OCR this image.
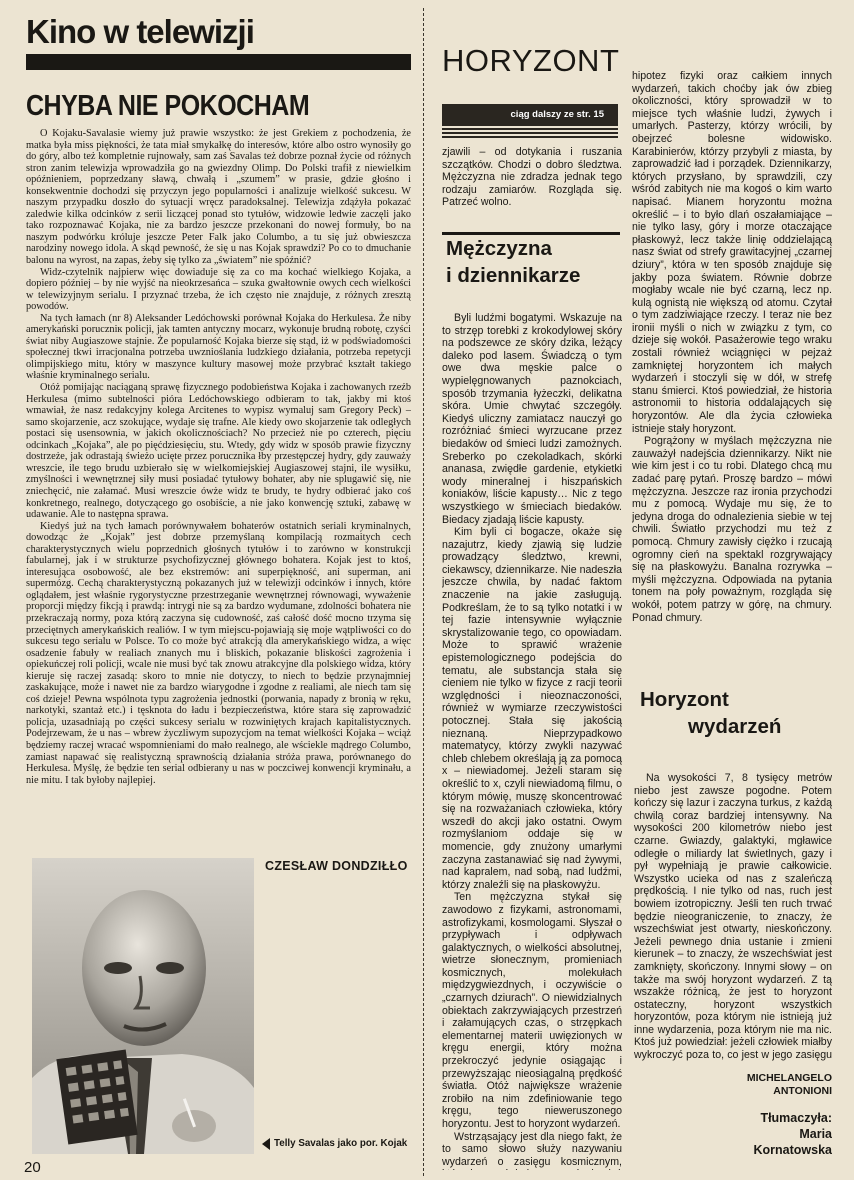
Kino w telewizji
CHYBA NIE POKOCHAM

O Kojaku-Savalasie wiemy już prawie wszystko: że jest Grekiem z pochodzenia, że matka była miss piękności, że tata miał smykałkę do interesów, które albo ostro wynosiły go do góry, albo też kompletnie rujnowały, sam zaś Savalas też dobrze poznał życie od różnych stron zanim telewizja wprowadziła go na gwiezdny Olimp. Do Polski trafił z niewielkim opóźnieniem, poprzedzany sławą, chwałą i „szumem” w prasie, gdzie głośno i konsekwentnie dochodzi się przyczyn jego popularności i analizuje wielkość sukcesu. W naszym przypadku doszło do sytuacji wręcz paradoksalnej. Telewizja zdążyła pokazać zaledwie kilka odcinków z serii liczącej ponad sto tytułów, widzowie ledwie zaczęli jako tako rozpoznawać Kojaka, nie za bardzo jeszcze przekonani do nowej formuły, bo na naszym podwórku króluje jeszcze Peter Falk jako Columbo, a tu się już obwieszcza narodziny nowego idola. A skąd pewność, że się u nas Kojak sprawdzi? Po co to dmuchanie balonu na wyrost, na zapas, żeby się tylko za „światem” nie spóźnić?

Widz-czytelnik najpierw więc dowiaduje się za co ma kochać wielkiego Kojaka, a dopiero później – by nie wyjść na nieokrzesańca – szuka gwałtownie owych cech wielkości w telewizyjnym serialu. I przyznać trzeba, że ich często nie znajduje, z różnych zresztą powodów.

Na tych łamach (nr 8) Aleksander Ledóchowski porównał Kojaka do Herkulesa. Że niby amerykański poruczniк policji, jak tamten antyczny mocarz, wykonuje brudną robotę, czyści świat niby Augiaszowe stajnie. Że popularność Kojaka bierze się stąd, iż w podświadomości społecznej tkwi irracjonalna potrzeba uwznioślania ludzkiego działania, potrzeba repetycji olimpijskiego mitu, który w maszynce kultury masowej może przybrać kształt takiego właśnie kryminalnego serialu.

Otóż pomijając naciąganą sprawę fizycznego podobieństwa Kojaka i zachowanych rzeźb Herkulesa (mimo subtelności pióra Ledóchowskiego odbieram to tak, jakby mi ktoś wmawiał, że nasz redakcyjny kolega Arcitenes to wypisz wymaluj sam Gregory Peck) – samo skojarzenie, acz szokujące, wydaje się trafne. Ale kiedy owo skojarzenie tak odległych postaci się usensownia, w jakich okolicznościach? No przecież nie po czterech, pięciu odcinkach „Kojaka”, ale po pięćdziesięciu, stu. Wtedy, gdy widz w sposób prawie fizyczny dostrzeże, jak odrastają świeżo ucięte przez porucznika łby przestępczej hydry, gdy zauważy wreszcie, ile tego brudu uzbierało się w wielkomiejskiej Augiaszowej stajni, ile wysiłku, zmyślności i wewnętrznej siły musi posiadać tytułowy bohater, aby nie splugawić się, nie zniechęcić, nie załamać. Musi wreszcie ówże widz te brudy, te hydry odbierać jako coś konkretnego, realnego, dotyczącego go osobiście, a nie jako konwencję sztuki, zabawę w udawanie. Ale to następna sprawa.

Kiedyś już na tych łamach porównywałem bohaterów ostatnich seriali kryminalnych, dowodząc że „Kojak” jest dobrze przemyślaną kompilacją rozmaitych cech charakterystycznych wielu poprzednich głośnych tytułów i to zarówno w konstrukcji fabularnej, jak i w strukturze psychofizycznej głównego bohatera. Kojak jest to ktoś, interesująca osobowość, ale bez ekstremów: ani superpiękność, ani superman, ani supermózg. Cechą charakterystyczną pokazanych już w telewizji odcinków i innych, które oglądałem, jest właśnie rygorystyczne przestrzeganie wewnętrznej równowagi, wyważenie proporcji między fikcją i prawdą: intrygi nie są za bardzo wydumane, zdolności bohatera nie przekraczają normy, poza którą zaczyna się cudowność, zaś całość dość mocno trzyma się przeciętnych amerykańskich realiów. I w tym miejscu-pojawiają się moje wątpliwości co do sukcesu tego serialu w Polsce. To co może być atrakcją dla amerykańskiego widza, a więc osadzenie fabuły w realiach znanych mu i bliskich, pokazanie bliskości zagrożenia i opiekuńczej roli policji, wcale nie musi być tak znowu atrakcyjne dla polskiego widza, który kieruje się raczej zasadą: skoro to mnie nie dotyczy, to niech to będzie przynajmniej zaskakujące, może i nawet nie za bardzo wiarygodne i zgodne z realiami, ale niech tam się coś dzieje! Pewna wspólnota typu zagrożenia jednostki (porwania, napady z bronią w ręku, narkotyki, szantaż etc.) i tęsknota do ładu i bezpieczeństwa, które stara się zaprowadzić policja, uzasadniają po części sukcesy serialu w rozwiniętych krajach kapitalistycznych. Podejrzewam, że u nas – wbrew życzliwym supozycjom na temat wielkości Kojaka – wciąż będziemy raczej wracać wspomnieniami do mało realnego, ale wściekle mądrego Columbo, zamiast napawać się realistyczną sprawnością działania stróża prawa, porównanego do Herkulesa. Myślę, że będzie ten serial odbierany u nas w poczciwej konwencji kryminału, a nie mitu. I tak byłoby najlepiej.

CZESŁAW DONDZIŁŁO
Telly Savalas jako por. Kojak
20
HORYZONT
ciąg dalszy ze str. 15

zjawili – od dotykania i ruszania szczątków. Chodzi o dobro śledztwa. Mężczyzna nie zdradza jednak tego rodzaju zamiarów. Rozgląda się. Patrzeć wolno.

Mężczyzna
i dziennikarze

Byli ludźmi bogatymi. Wskazuje na to strzęp torebki z krokodylowej skóry na podszewce ze skóry dzika, leżący daleko pod lasem. Świadczą o tym owe dwa męskie palce o wypielęgnowanych paznokciach, sposób trzymania łyżeczki, delikatna skóra. Umie chwytać szczegóły. Kiedyś uliczny zamiatacz nauczył go rozróżniać śmieci wyrzucane przez biedaków od śmieci ludzi zamożnych. Sreberko po czekoladkach, skórki ananasa, zwiędłe gardenie, etykietki wody mineralnej i hiszpańskich koniaków, liście kapusty… Nic z tego wszystkiego w śmieciach biedaków. Biedacy zjadają liście kapusty.

Kim byli ci bogacze, okaże się nazajutrz, kiedy zjawią się ludzie prowadzący śledztwo, krewni, ciekawscy, dziennikarze. Nie nadeszła jeszcze chwila, by nadać faktom znaczenie na jakie zasługują. Podkreślam, że to są tylko notatki i w tej fazie intensywnie wyłącznie skrystalizowanie tego, co opowiadam. Może to sprawić wrażenie epistemologicznego podejścia do tematu, ale substancja stała się cieniem nie tylko w fizyce z racji teorii względności i nieoznaczoności, również w wymiarze rzeczywistości potocznej. Stała się jakością nieznaną. Nieprzypadkowo matematycy, którzy zwykli nazywać chleb chlebem określają ją za pomocą x – niewiadomej. Jeżeli staram się określić to x, czyli niewiadomą filmu, o którym mówię, muszę skoncentrować się na rozważaniach człowieka, który wszedł do akcji jako ostatni. Owym rozmyślaniom oddaje się w momencie, gdy znużony umarłymi zaczyna zastanawiać się nad żywymi, nad kapralem, nad sobą, nad ludźmi, którzy znaleźli się na płaskowyżu.

Ten mężczyzna stykał się zawodowo z fizykami, astronomami, astrofizykami, kosmologami. Słyszał o przypływach i odpływach galaktycznych, o wielkości absolutnej, wietrze słonecznym, promieniach kosmicznych, molekułach międzygwiezdnych, i oczywiście o „czarnych dziurach”. O niewidzialnych obiektach zakrzywiających przestrzeń i załamujących czas, o strzępkach elementarnej materii uwięzionych w kręgu energii, który można przekroczyć jedynie osiągając i przewyższając nieosiągalną prędkość światła. Otóż największe wrażenie zrobiło na nim zdefiniowanie tego kręgu, tego nieweruszonego horyzontu. Jest to horyzont wydarzeń.

Wstrząsający jest dla niego fakt, że to samo słowo służy nazywaniu wydarzeń o zasięgu kosmicznym,

hipotez fizyki oraz całkiem innych wydarzeń, takich choćby jak ów zbieg okoliczności, który sprowadził w to miejsce tych właśnie ludzi, żywych i umarłych. Pasterzy, którzy wrócili, by obejrzeć bolesne widowisko. Karabinierów, którzy przybyli z miasta, by zaprowadzić ład i porządek. Dziennikarzy, których przysłano, by sprawdzili, czy wśród zabitych nie ma kogoś o kim warto napisać. Mianem horyzontu można określić – i to było dlań oszałamiające – nie tylko lasy, góry i morze otaczające płaskowyż, lecz także linię oddzielającą nasz świat od strefy grawitacyjnej „czarnej dziury”, która w ten sposób znajduje się jakby poza światem. Równie dobrze mogłaby wcale nie być czarną, lecz np. kulą ognistą nie większą od atomu. Czytał o tym zadziwiające rzeczy. I teraz nie bez ironii myśli o nich w związku z tym, co dzieje się wokół. Pasażerowie tego wraku zostali również wciągnięci w pejzaż zamkniętej horyzontem ich małych wydarzeń i stoczyli się w dół, w strefę stanu śmierci. Ktoś powiedział, że historia astronomii to historia oddalających się horyzontów. Ale dla życia człowieka istnieje stały horyzont.

Pogrążony w myślach mężczyzna nie zauważył nadejścia dziennikarzy. Nikt nie wie kim jest i co tu robi. Dlatego chcą mu zadać parę pytań. Proszę bardzo – mówi mężczyzna. Jeszcze raz ironia przychodzi mu z pomocą. Wydaje mu się, że to jedyna droga do odnalezienia siebie w tej chwili. Światło przychodzi mu też z pomocą. Chmury zawisły ciężko i rzucają ogromny cień na spektakl rozgrywający się na płaskowyżu. Banalna rozrywka – myśli mężczyzna. Odpowiada na pytania tonem na poły poważnym, rozgląda się wokół, potem patrzy w górę, na chmury. Ponad chmury.

Horyzont
wydarzeń

Na wysokości 7, 8 tysięcy metrów niebo jest zawsze pogodne. Potem kończy się lazur i zaczyna turkus, z każdą chwilą coraz bardziej intensywny. Na wysokości 200 kilometrów niebo jest czarne. Gwiazdy, galaktyki, mgławice odległe o miliardy lat świetlnych, gazy i pył wypełniają je prawie całkowicie. Wszystko ucieka od nas z szaleńczą prędkością. I nie tylko od nas, ruch jest bowiem izotropiczny. Jeśli ten ruch trwać będzie nieograniczenie, to znaczy, że wszechświat jest otwarty, nieskończony. Jeżeli pewnego dnia ustanie i zmieni kierunek – to znaczy, że wszechświat jest zamknięty, skończony. Innymi słowy – on także ma swój horyzont wydarzeń. Z tą wszakże różnicą, że jest to horyzont ostateczny, horyzont wszystkich horyzontów, poza którym nie istnieją już inne wydarzenia, poza którym nie ma nic. Ktoś już powiedział: jeżeli człowiek miałby wykroczyć poza to, co jest w jego zasięgu

MICHELANGELO
ANTONIONI
Tłumaczyła:
Maria
Kornatowska
